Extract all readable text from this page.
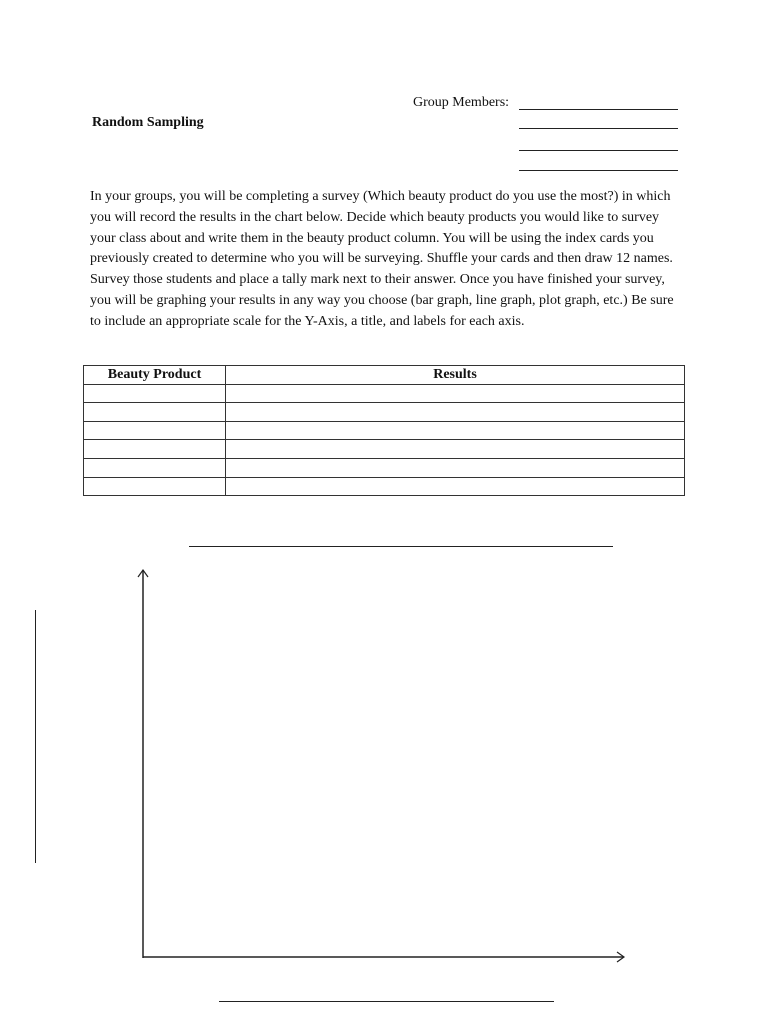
Group Members:
Random Sampling

In your groups, you will be completing a survey (Which beauty product do you use the most?) in which you will record the results in the chart below. Decide which beauty products you would like to survey your class about and write them in the beauty product column. You will be using the index cards you previously created to determine who you will be surveying. Shuffle your cards and then draw 12 names. Survey those students and place a tally mark next to their answer. Once you have finished your survey, you will be graphing your results in any way you choose (bar graph, line graph, plot graph, etc.) Be sure to include an appropriate scale for the Y-Axis, a title, and labels for each axis.

Beauty Product	Results
